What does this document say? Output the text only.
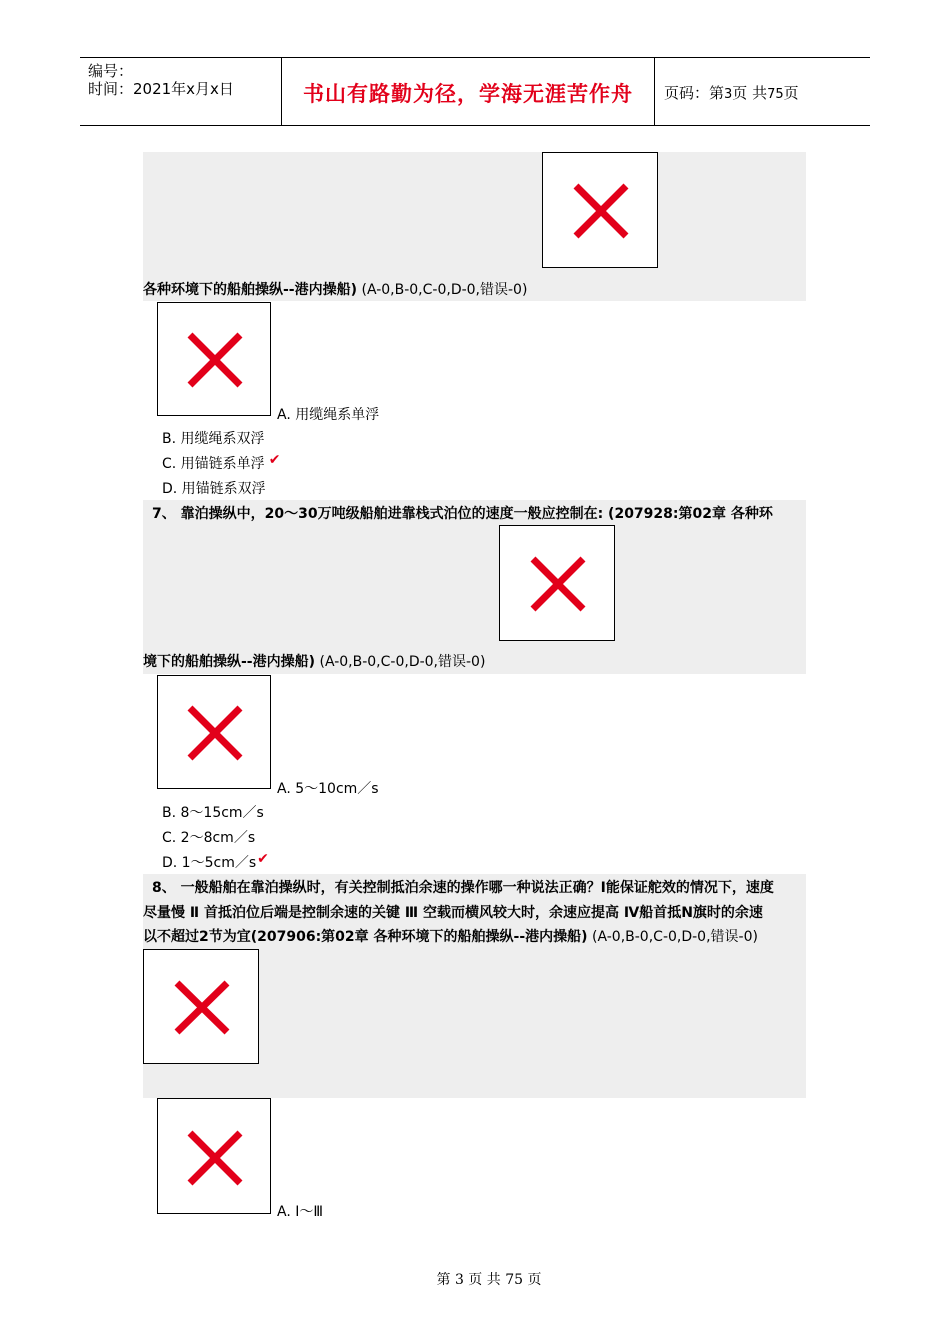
编号：
时间：2021年x月x日	书山有路勤为径，学海无涯苦作舟	页码：第3页 共75页
各种环境下的船舶操纵--港内操船) (A-0,B-0,C-0,D-0,错误-0)
A. 用缆绳系单浮
B. 用缆绳系双浮
C. 用锚链系单浮 ✔
D. 用锚链系双浮
7、 靠泊操纵中，20～30万吨级船舶进靠栈式泊位的速度一般应控制在: (207928:第02章 各种环
境下的船舶操纵--港内操船) (A-0,B-0,C-0,D-0,错误-0)
A. 5～10cm／s
B. 8～15cm／s
C. 2～8cm／s
D. 1～5cm／s✔
8、 一般船舶在靠泊操纵时，有关控制抵泊余速的操作哪一种说法正确？Ⅰ能保证舵效的情况下，速度
尽量慢 Ⅱ 首抵泊位后端是控制余速的关键 Ⅲ 空载而横风较大时，余速应提高 Ⅳ船首抵N旗时的余速
以不超过2节为宜(207906:第02章 各种环境下的船舶操纵--港内操船) (A-0,B-0,C-0,D-0,错误-0)
A. Ⅰ～Ⅲ
第 3 页 共 75 页
